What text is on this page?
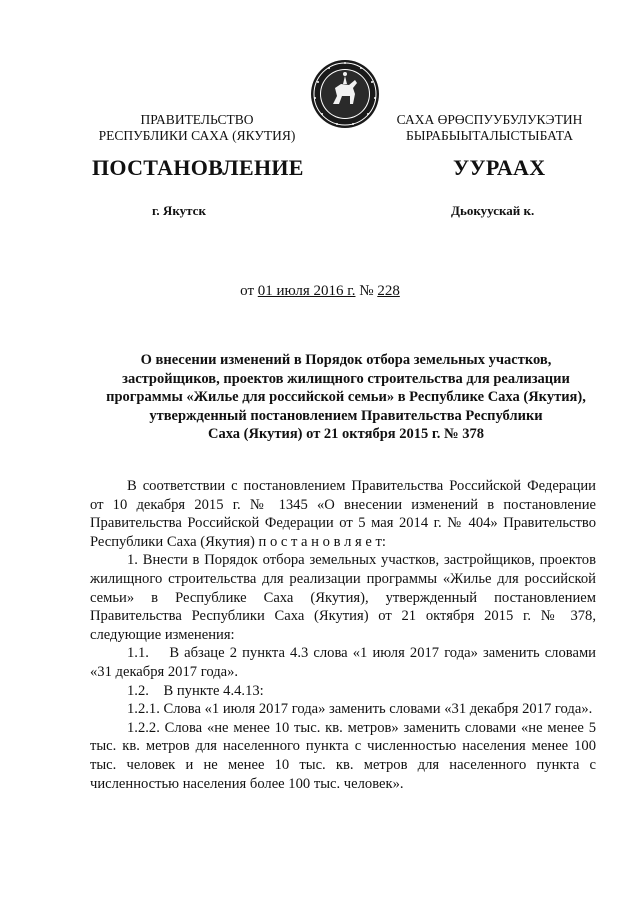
ПРАВИТЕЛЬСТВО
РЕСПУБЛИКИ САХА (ЯКУТИЯ)
САХА ӨРӨСПУУБУЛУКЭТИН
БЫРАБЫЫТАЛЫСТЫБАТА
ПОСТАНОВЛЕНИЕ	УУРААХ
г. Якутск	Дьокуускай к.
от 01 июля 2016 г. № 228
О внесении изменений в Порядок отбора земельных участков,
застройщиков, проектов жилищного строительства для реализации
программы «Жилье для российской семьи» в Республике Саха (Якутия),
утвержденный постановлением Правительства Республики
Саха (Якутия) от 21 октября 2015 г. № 378

В соответствии с постановлением Правительства Российской Федерации от 10 декабря 2015 г. № 1345 «О внесении изменений в постановление Правительства Российской Федерации от 5 мая 2014 г. № 404» Правительство Республики Саха (Якутия) п о с т а н о в л я е т:

1. Внести в Порядок отбора земельных участков, застройщиков, проектов жилищного строительства для реализации программы «Жилье для российской семьи» в Республике Саха (Якутия), утвержденный постановлением Правительства Республики Саха (Якутия) от 21 октября 2015 г. № 378, следующие изменения:

1.1.    В абзаце 2 пункта 4.3 слова «1 июля 2017 года» заменить словами «31 декабря 2017 года».

1.2.    В пункте 4.4.13:

1.2.1. Слова «1 июля 2017 года» заменить словами «31 декабря 2017 года».

1.2.2. Слова «не менее 10 тыс. кв. метров» заменить словами «не менее 5 тыс. кв. метров для населенного пункта с численностью населения менее 100 тыс. человек и не менее 10 тыс. кв. метров для населенного пункта с численностью населения более 100 тыс. человек».
